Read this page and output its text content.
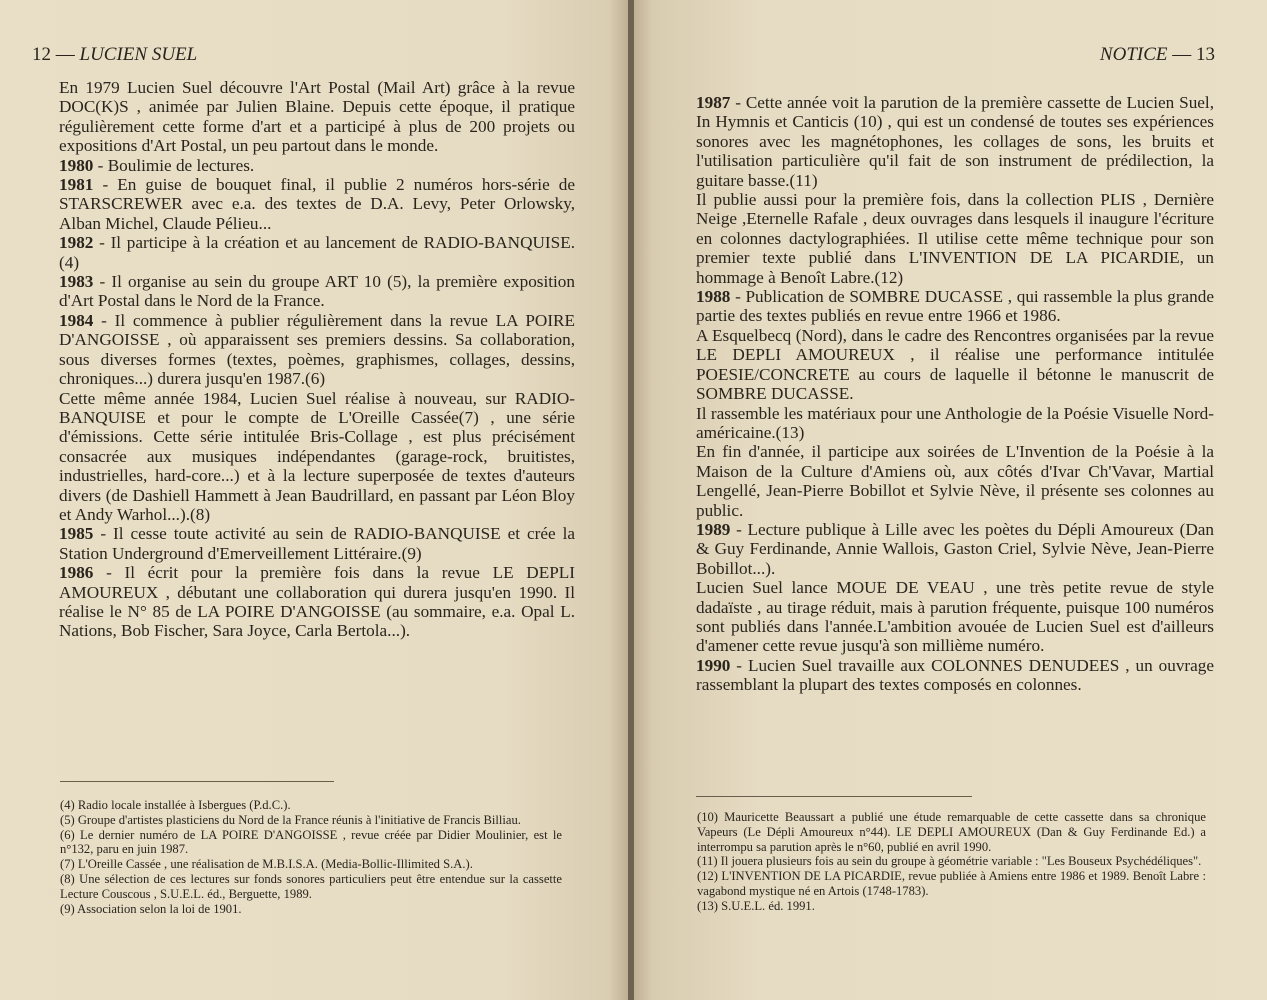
12 — LUCIEN SUEL

En 1979 Lucien Suel découvre l'Art Postal (Mail Art) grâce à la revue DOC(K)S , animée par Julien Blaine. Depuis cette époque, il pratique régulièrement cette forme d'art et a participé à plus de 200 projets ou expositions d'Art Postal, un peu partout dans le monde.

1980 - Boulimie de lectures.

1981 - En guise de bouquet final, il publie 2 numéros hors-série de STARSCREWER avec e.a. des textes de D.A. Levy, Peter Orlowsky, Alban Michel, Claude Pélieu...

1982 - Il participe à la création et au lancement de RADIO-BANQUISE. (4)

1983 - Il organise au sein du groupe ART 10 (5), la première exposition d'Art Postal dans le Nord de la France.

1984 - Il commence à publier régulièrement dans la revue LA POIRE D'ANGOISSE , où apparaissent ses premiers dessins. Sa collaboration, sous diverses formes (textes, poèmes, graphismes, collages, dessins, chroniques...) durera jusqu'en 1987.(6)

Cette même année 1984, Lucien Suel réalise à nouveau, sur RADIO-BANQUISE et pour le compte de L'Oreille Cassée(7) , une série d'émissions. Cette série intitulée Bris-Collage , est plus précisément consacrée aux musiques indépendantes (garage-rock, bruitistes, industrielles, hard-core...) et à la lecture superposée de textes d'auteurs divers (de Dashiell Hammett à Jean Baudrillard, en passant par Léon Bloy et Andy Warhol...).(8)

1985 - Il cesse toute activité au sein de RADIO-BANQUISE et crée la Station Underground d'Emerveillement Littéraire.(9)

1986 - Il écrit pour la première fois dans la revue LE DEPLI AMOUREUX , débutant une collaboration qui durera jusqu'en 1990. Il réalise le N° 85 de LA POIRE D'ANGOISSE (au sommaire, e.a. Opal L. Nations, Bob Fischer, Sara Joyce, Carla Bertola...).

(4) Radio locale installée à Isbergues (P.d.C.).

(5) Groupe d'artistes plasticiens du Nord de la France réunis à l'initiative de Francis Billiau.

(6) Le dernier numéro de LA POIRE D'ANGOISSE , revue créée par Didier Moulinier, est le n°132, paru en juin 1987.

(7) L'Oreille Cassée , une réalisation de M.B.I.S.A. (Media-Bollic-Illimited S.A.).

(8) Une sélection de ces lectures sur fonds sonores particuliers peut être entendue sur la cassette Lecture Couscous , S.U.E.L. éd., Berguette, 1989.

(9) Association selon la loi de 1901.

NOTICE — 13

1987 - Cette année voit la parution de la première cassette de Lucien Suel, In Hymnis et Canticis (10) , qui est un condensé de toutes ses expériences sonores avec les magnétophones, les collages de sons, les bruits et l'utilisation particulière qu'il fait de son instrument de prédilection, la guitare basse.(11)

Il publie aussi pour la première fois, dans la collection PLIS , Dernière Neige ,Eternelle Rafale , deux ouvrages dans lesquels il inaugure l'écriture en colonnes dactylographiées. Il utilise cette même technique pour son premier texte publié dans L'INVENTION DE LA PICARDIE, un hommage à Benoît Labre.(12)

1988 - Publication de SOMBRE DUCASSE , qui rassemble la plus grande partie des textes publiés en revue entre 1966 et 1986.

A Esquelbecq (Nord), dans le cadre des Rencontres organisées par la revue LE DEPLI AMOUREUX , il réalise une performance intitulée POESIE/CONCRETE au cours de laquelle il bétonne le manuscrit de SOMBRE DUCASSE.

Il rassemble les matériaux pour une Anthologie de la Poésie Visuelle Nord-américaine.(13)

En fin d'année, il participe aux soirées de L'Invention de la Poésie à la Maison de la Culture d'Amiens où, aux côtés d'Ivar Ch'Vavar, Martial Lengellé, Jean-Pierre Bobillot et Sylvie Nève, il présente ses colonnes au public.

1989 - Lecture publique à Lille avec les poètes du Dépli Amoureux (Dan & Guy Ferdinande, Annie Wallois, Gaston Criel, Sylvie Nève, Jean-Pierre Bobillot...).

Lucien Suel lance MOUE DE VEAU , une très petite revue de style dadaïste , au tirage réduit, mais à parution fréquente, puisque 100 numéros sont publiés dans l'année.L'ambition avouée de Lucien Suel est d'ailleurs d'amener cette revue jusqu'à son millième numéro.

1990 - Lucien Suel travaille aux COLONNES DENUDEES , un ouvrage rassemblant la plupart des textes composés en colonnes.

(10) Mauricette Beaussart a publié une étude remarquable de cette cassette dans sa chronique Vapeurs (Le Dépli Amoureux n°44). LE DEPLI AMOUREUX (Dan & Guy Ferdinande Ed.) a interrompu sa parution après le n°60, publié en avril 1990.

(11) Il jouera plusieurs fois au sein du groupe à géométrie variable : "Les Bouseux Psychédéliques".

(12) L'INVENTION DE LA PICARDIE, revue publiée à Amiens entre 1986 et 1989. Benoît Labre : vagabond mystique né en Artois (1748-1783).

(13) S.U.E.L. éd. 1991.
